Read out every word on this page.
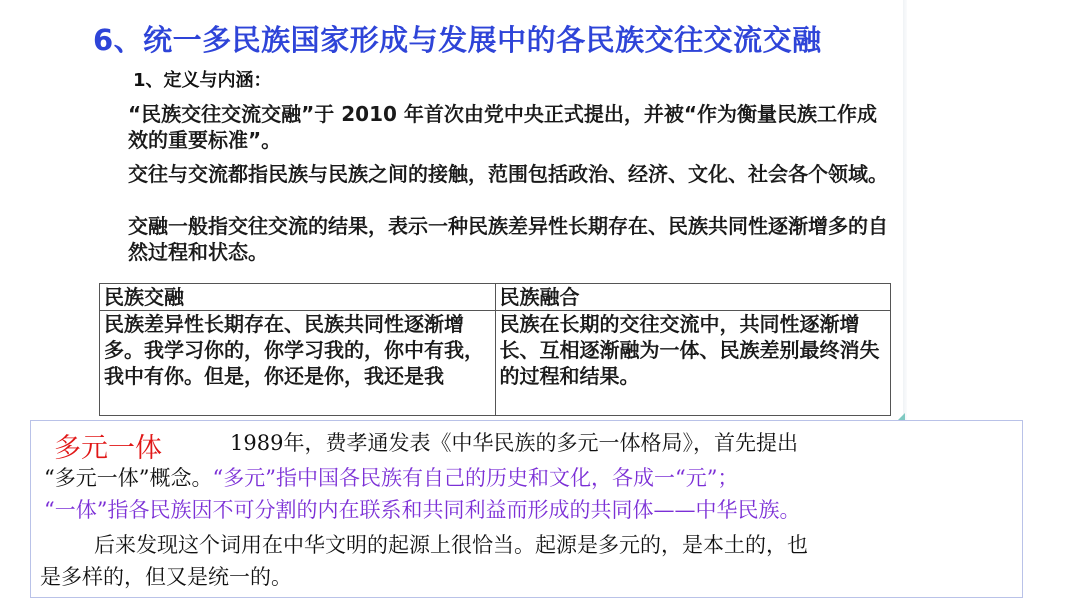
6、统一多民族国家形成与发展中的各民族交往交流交融
1、定义与内涵：
“民族交往交流交融”于 2010 年首次由党中央正式提出，并被“作为衡量民族工作成效的重要标准”。
交往与交流都指民族与民族之间的接触，范围包括政治、经济、文化、社会各个领域。
交融一般指交往交流的结果，表示一种民族差异性长期存在、民族共同性逐渐增多的自然过程和状态。
民族交融	民族融合
民族差异性长期存在、民族共同性逐渐增多。我学习你的，你学习我的，你中有我，我中有你。但是，你还是你，我还是我	民族在长期的交往交流中，共同性逐渐增长、互相逐渐融为一体、民族差别最终消失的过程和结果。
多元一体	1989年，费孝通发表《中华民族的多元一体格局》，首先提出
“多元一体”概念。“多元”指中国各民族有自己的历史和文化，各成一“元”；
“一体”指各民族因不可分割的内在联系和共同利益而形成的共同体——中华民族。
后来发现这个词用在中华文明的起源上很恰当。起源是多元的，是本土的，也
是多样的，但又是统一的。
